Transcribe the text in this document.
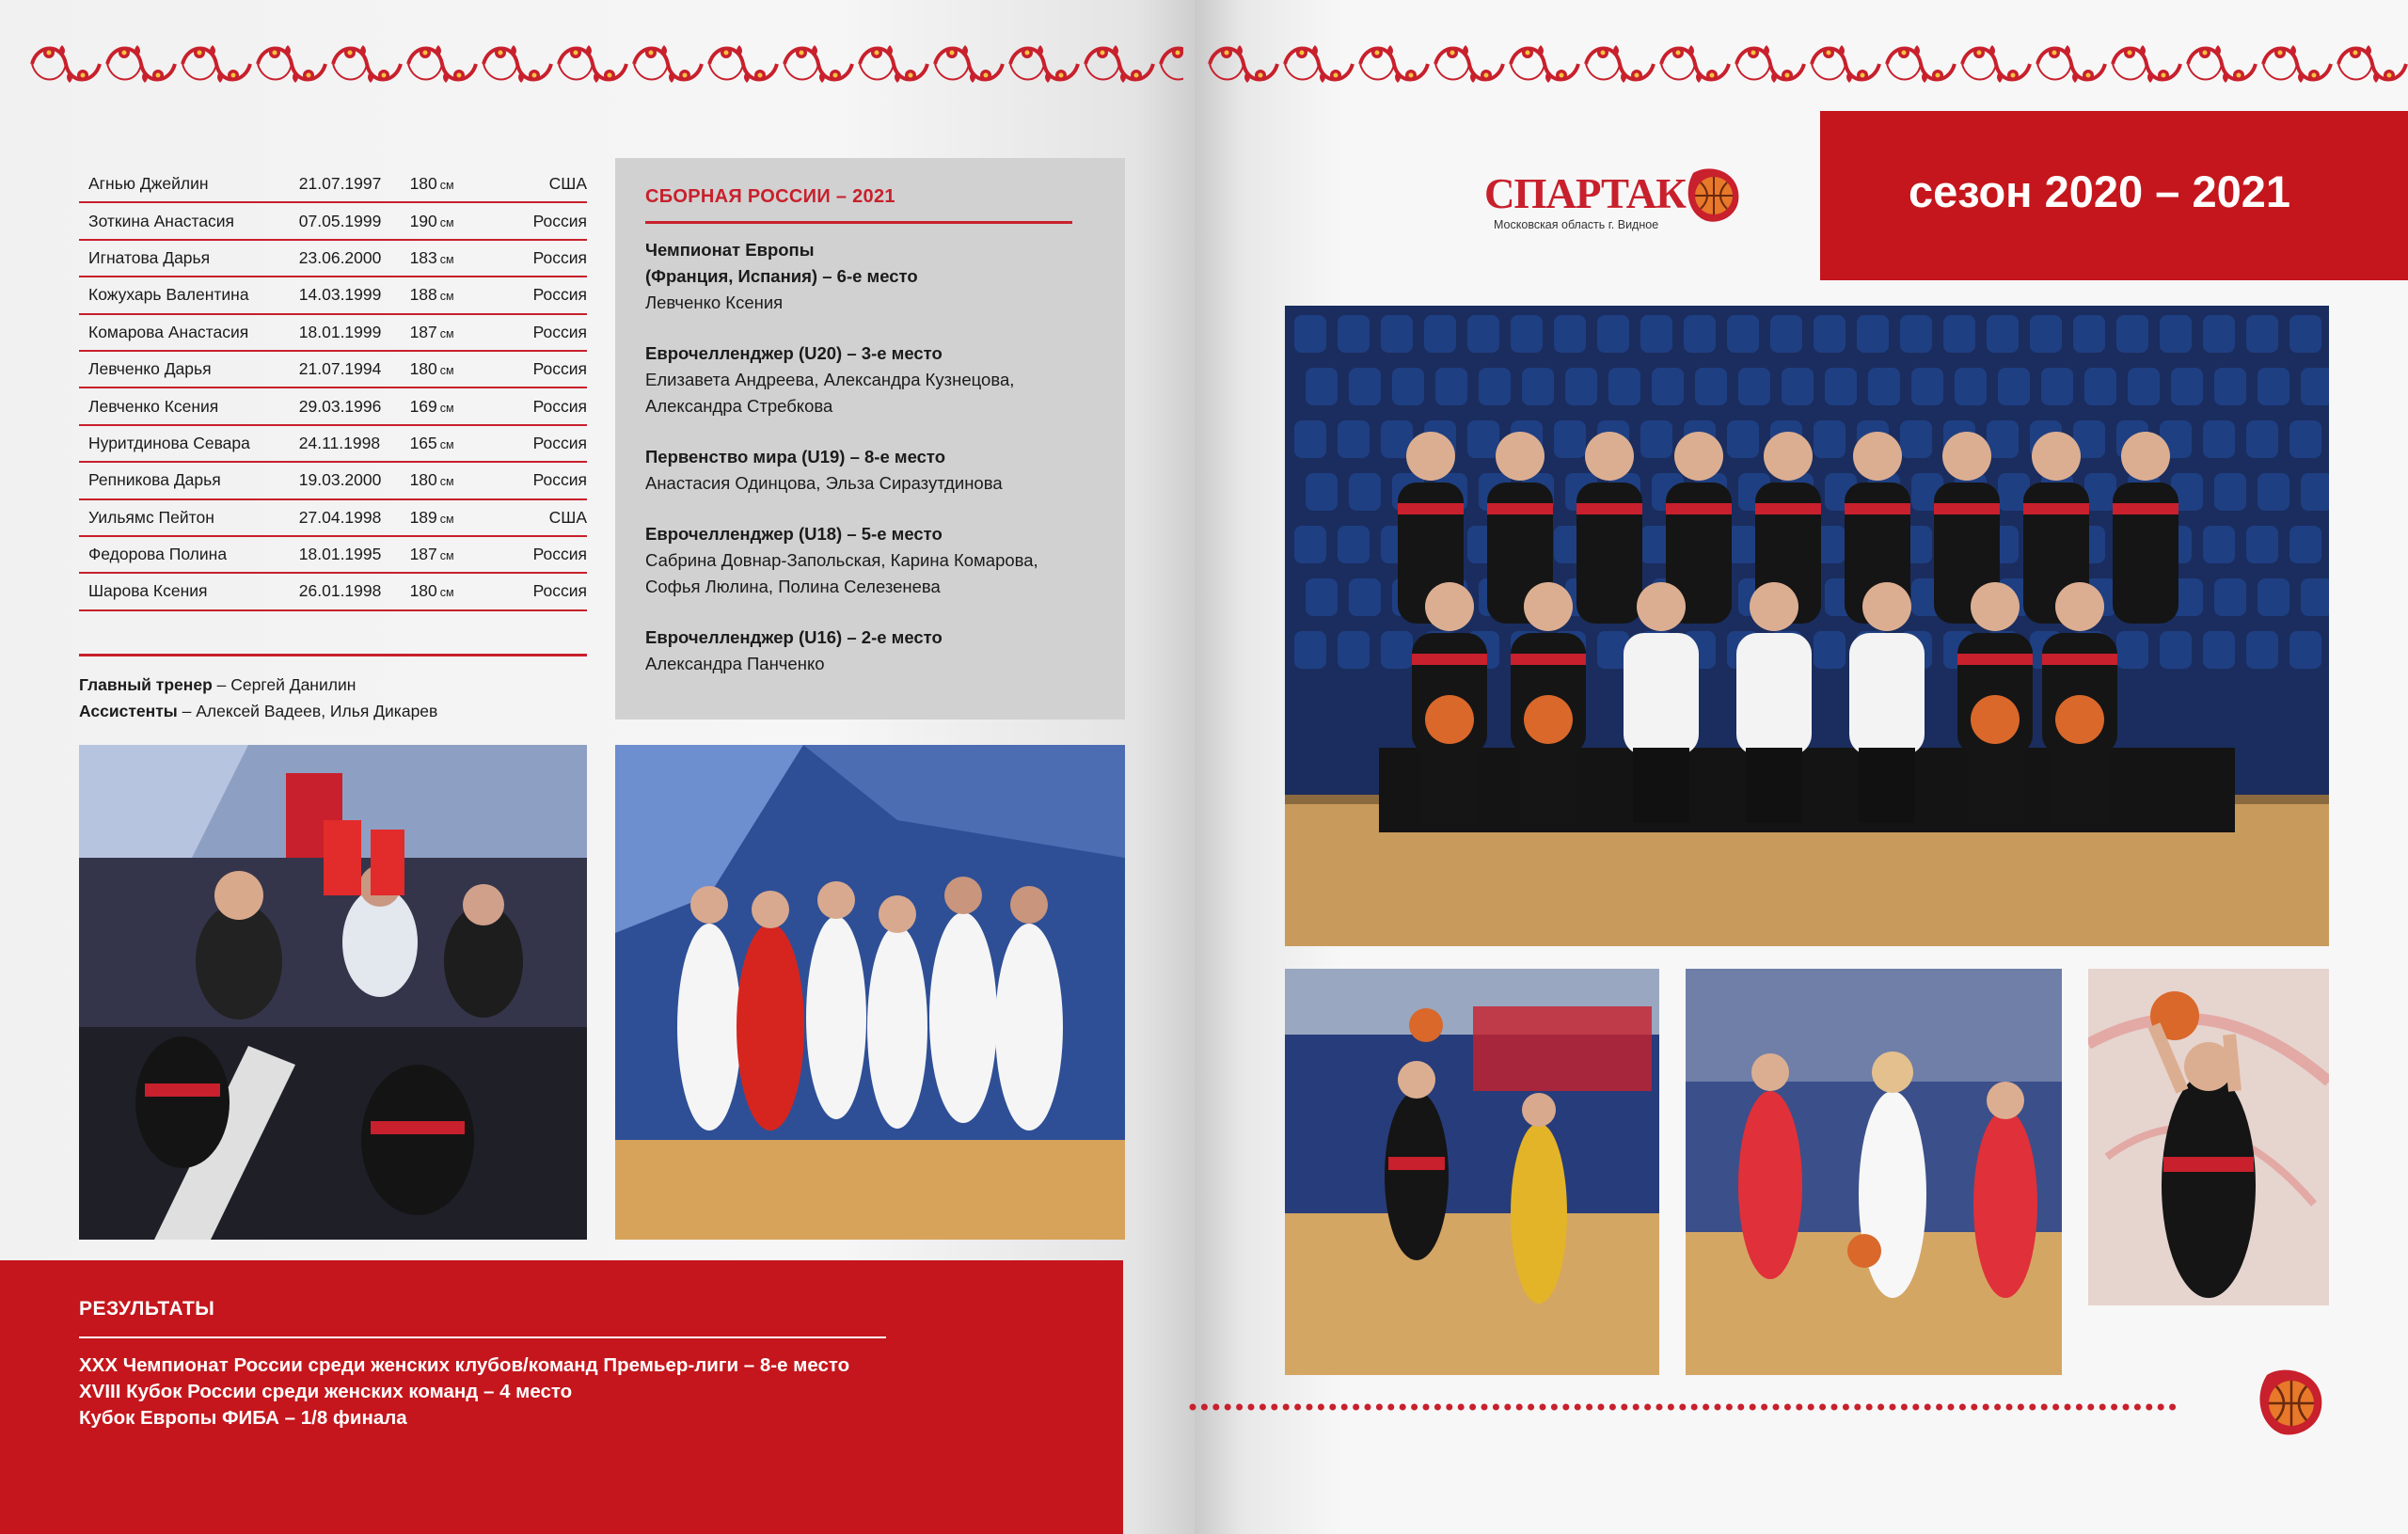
Агнью Джейлин	21.07.1997	180 см	США
Зоткина Анастасия	07.05.1999	190 см	Россия
Игнатова Дарья	23.06.2000	183 см	Россия
Кожухарь Валентина	14.03.1999	188 см	Россия
Комарова Анастасия	18.01.1999	187 см	Россия
Левченко Дарья	21.07.1994	180 см	Россия
Левченко Ксения	29.03.1996	169 см	Россия
Нуритдинова Севара	24.11.1998	165 см	Россия
Репникова Дарья	19.03.2000	180 см	Россия
Уильямс Пейтон	27.04.1998	189 см	США
Федорова Полина	18.01.1995	187 см	Россия
Шарова Ксения	26.01.1998	180 см	Россия
Главный тренер – Сергей Данилин
Ассистенты – Алексей Вадеев, Илья Дикарев
СБОРНАЯ РОССИИ – 2021
Чемпионат Европы
(Франция, Испания) – 6-е место
Левченко Ксения
Еврочелленджер (U20) – 3-е место
Елизавета Андреева, Александра Кузнецова,
Александра Стребкова
Первенство мира (U19) – 8-е место
Анастасия Одинцова, Эльза Сиразутдинова
Еврочелленджер (U18) – 5-е место
Сабрина Довнар-Запольская, Карина Комарова,
Софья Люлина, Полина Селезенева
Еврочелленджер (U16) – 2-е место
Александра Панченко
РЕЗУЛЬТАТЫ
XXX Чемпионат России среди женских клубов/команд Премьер-лиги – 8-е место
XVIII Кубок России среди женских команд – 4 место
Кубок Европы ФИБА – 1/8 финала
СПАРТАК
Московская область г. Видное
сезон 2020 – 2021
